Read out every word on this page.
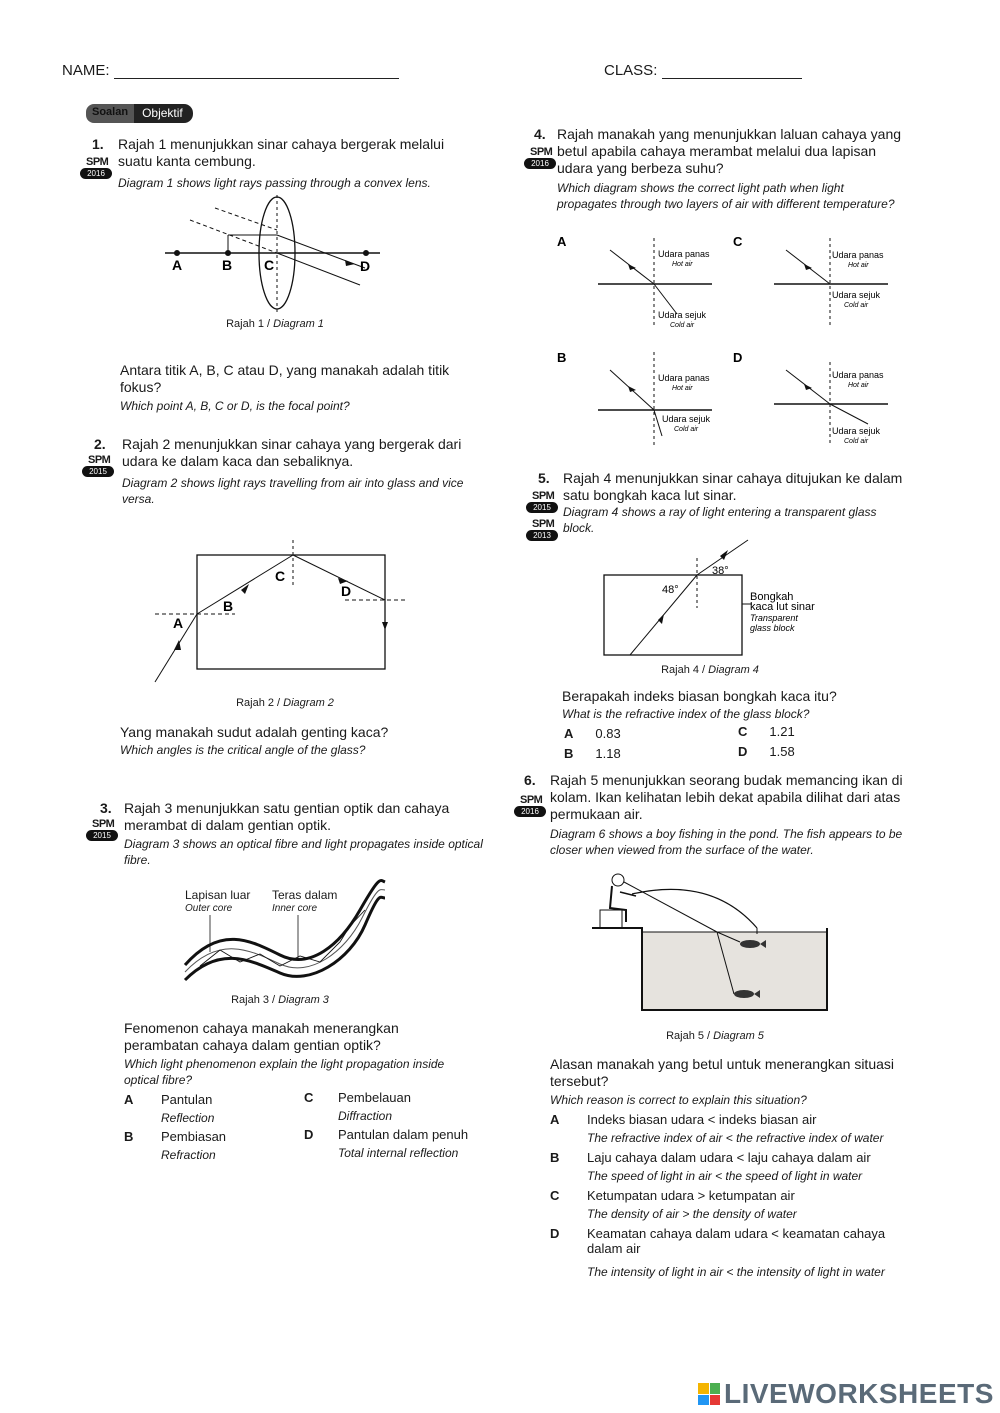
NAME:	CLASS:
Soalan	Objektif
1.
SPM
2016
Rajah 1 menunjukkan sinar cahaya bergerak melalui suatu kanta cembung.
Diagram 1 shows light rays passing through a convex lens.
A	B C	D
Rajah 1 / Diagram 1
Antara titik A, B, C atau D, yang manakah adalah titik fokus?
Which point A, B, C or D, is the focal point?
2.
SPM
2015
Rajah 2 menunjukkan sinar cahaya yang bergerak dari udara ke dalam kaca dan sebaliknya.
Diagram 2 shows light rays travelling from air into glass and vice versa.
A
B
C
D
Rajah 2 / Diagram 2
Yang manakah sudut adalah genting kaca?
Which angles is the critical angle of the glass?
3.
SPM
2015
Rajah 3 menunjukkan satu gentian optik dan cahaya merambat di dalam gentian optik.
Diagram 3 shows an optical fibre and light propagates inside optical fibre.
Lapisan luar
Outer core
Teras dalam
Inner core
Rajah 3 / Diagram 3
Fenomenon cahaya manakah menerangkan perambatan cahaya dalam gentian optik?
Which light phenomenon explain the light propagation inside optical fibre?
A Pantulan
Reflection
B Pembiasan
Refraction
C Pembelauan
Diffraction
D Pantulan dalam penuh
Total internal reflection
4.
SPM
2016
Rajah manakah yang menunjukkan laluan cahaya yang betul apabila cahaya merambat melalui dua lapisan udara yang berbeza suhu?
Which diagram shows the correct light path when light propagates through two layers of air with different temperature?
A
Udara panas
Hot air
Udara sejuk
Cold air
C
Udara panas
Hot air
Udara sejuk
Cold air
B
Udara panas
Hot air
Udara sejuk
Cold air
D
Udara panas
Hot air
Udara sejuk
Cold air
5.
SPM
2015
SPM
2013
Rajah 4 menunjukkan sinar cahaya ditujukan ke dalam satu bongkah kaca lut sinar.
Diagram 4 shows a ray of light entering a transparent glass block.
38°
48°
Bongkah
kaca lut sinar
Transparent
glass block
Rajah 4 / Diagram 4
Berapakah indeks biasan bongkah kaca itu?
What is the refractive index of the glass block?
A 0.83
B 1.18
C 1.21
D 1.58
6.
SPM
2016
Rajah 5 menunjukkan seorang budak memancing ikan di kolam. Ikan kelihatan lebih dekat apabila dilihat dari atas permukaan air.
Diagram 6 shows a boy fishing in the pond. The fish appears to be closer when viewed from the surface of the water.
Rajah 5 / Diagram 5
Alasan manakah yang betul untuk menerangkan situasi tersebut?
Which reason is correct to explain this situation?
A Indeks biasan udara < indeks biasan air
The refractive index of air < the refractive index of water
B Laju cahaya dalam udara < laju cahaya dalam air
The speed of light in air < the speed of light in water
C Ketumpatan udara > ketumpatan air
The density of air > the density of water
D Keamatan cahaya dalam udara < keamatan cahaya dalam air
The intensity of light in air < the intensity of light in water
LIVEWORKSHEETS
